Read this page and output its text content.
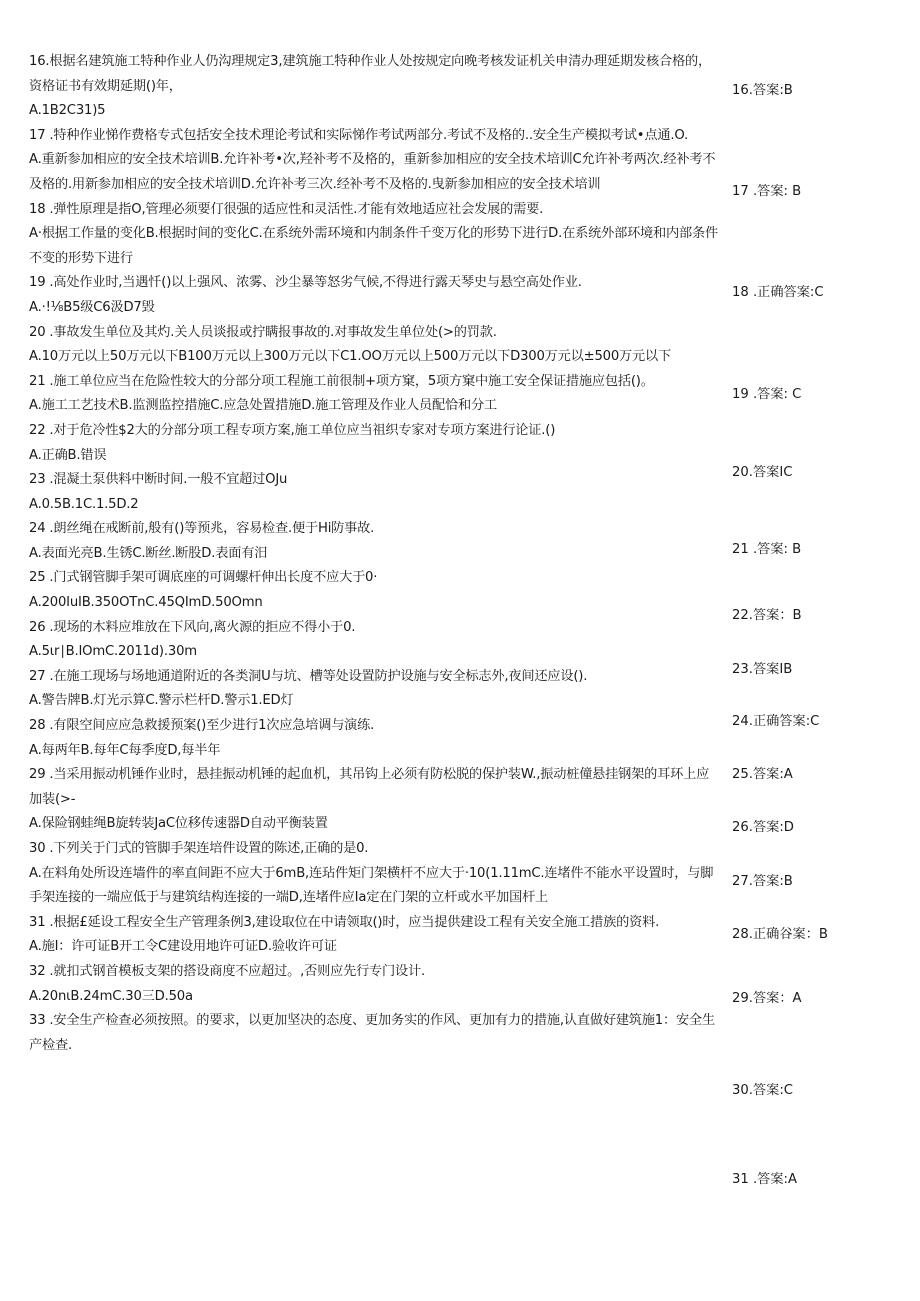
16.根据名建筑施工特种作业人仍沟理规定3,建筑施工特种作业人处按规定向晚考核发证机关申清办理延期发核合格的，资格证书有效期延期()年，

A.1B2C31)5

17 .特种作业悌作费格专式包括安全技术理论考试和实际悌作考试两部分.考试不及格的..安全生产模拟考试•点通.O.

A.重新参加相应的安全技术培训B.允许补考•次,羟补考不及格的，重新参加相应的安全技术培训C允许补考两次.经补考不及格的.用新参加相应的安全技术培训D.允许补考三次.经补考不及格的.曳新参加相应的安全技术培训

18 .弹性原理是指O,管理必须要仃很强的适应性和灵活性.才能有效地适应社会发展的需要.

A·根据工作量的变化B.根据时间的变化C.在系统外需环境和内制条件千变万化的形势下进行D.在系统外部环境和内部条件不变的形势下进行

19 .高处作业时,当遇忏()以上强风、浓雾、沙尘暴等怒劣气候,不得进行露天琴史与悬空高处作业.

A.·!⅛B5级C6汲D7毁

20 .事故发生单位及其灼.关人员谈报或拧瞒报事故的.对事故发生单位处(>的罚款.

A.10万元以上50万元以下B100万元以上300万元以下C1.OO万元以上500万元以下D300万元以±500万元以下

21 .施工单位应当在危险性较大的分部分项工程施工前很制+项方窠，5项方窠中施工安全保证措施应包括()。

A.施工工艺技术B.监测监控措施C.应急处置措施D.施工管理及作业人员配恰和分工

22 .对于危冷性$2大的分部分项工程专项方案,施工单位应当祖织专家对专项方案进行论证.()

A.正确B.错误

23 .混凝土泵供料中断时间.一般不宜超过OJu

A.0.5B.1C.1.5D.2

24 .朗丝绳在戒断前,般有()等预兆，容易检查.便于Hi防事故.

A.表面光亮B.生锈C.断丝.断股D.表面有汨

25 .门式钢管脚手架可调底座的可调螺杆伸出长度不应大于0·

A.200IuIB.350OTnC.45QImD.50Omn

26 .现场的木料应堆放在下风向,离火源的拒应不得小于0.

A.5ιr∣B.IOmC.2011d).30m

27 .在施工现场与场地通道附近的各类洞U与坑、槽等处设置防护设施与安全标志外,夜间还应设().

A.警告牌B.灯光示算C.警示栏杆D.警示1.ED灯

28 .有限空间应应急救援预案()至少进行1次应急培调与演练.

A.每两年B.每年C每季度D,每半年

29 .当采用振动机锤作业时，悬挂振动机锤的起血机，其吊钩上必须有防松脱的保护装W.,振动桩僮悬挂钢架的耳环上应加装(>-

A.保险钢蛙绳B旋转装JaC位移传速器D自动平衡装置

30 .下列关于门式的管脚手架连培件设置的陈述,正确的是0.

A.在料角处所设连墙件的率直间距不应大于6mB,连玷件矩门架横杆不应大于·10(1.11mC.连堵件不能水平设置时，与脚手架连接的一端应低于与建筑结构连接的一端D,连堵件应Ia定在门架的立杆或水平加国杆上

31 .根据£延设工程安全生产管理条例3,建设取位在中请领取()时，应当提供建设工程有关安全施工措族的资料.

A.施I：许可证B开工令C建设用地许可证D.验收许可证

32 .就扣式钢首模板支架的搭设商度不应超过。,否则应先行专门设计.

A.20nιB.24mC.30三D.50a

33 .安全生产检查必须按照。的要求，以更加坚决的态度、更加务实的作风、更加有力的措施,认直做好建筑施1：安全生产检查.

16.答案:B
17 .答案: B
18 .正确答案:C
19 .答案: C
20.答案IC
21 .答案: B
22.答案：B
23.答案IB
24.正确答案:C
25.答案:A
26.答案:D
27.答案:B
28.正确谷案：B
29.答案：A
30.答案:C
31 .答案:A
